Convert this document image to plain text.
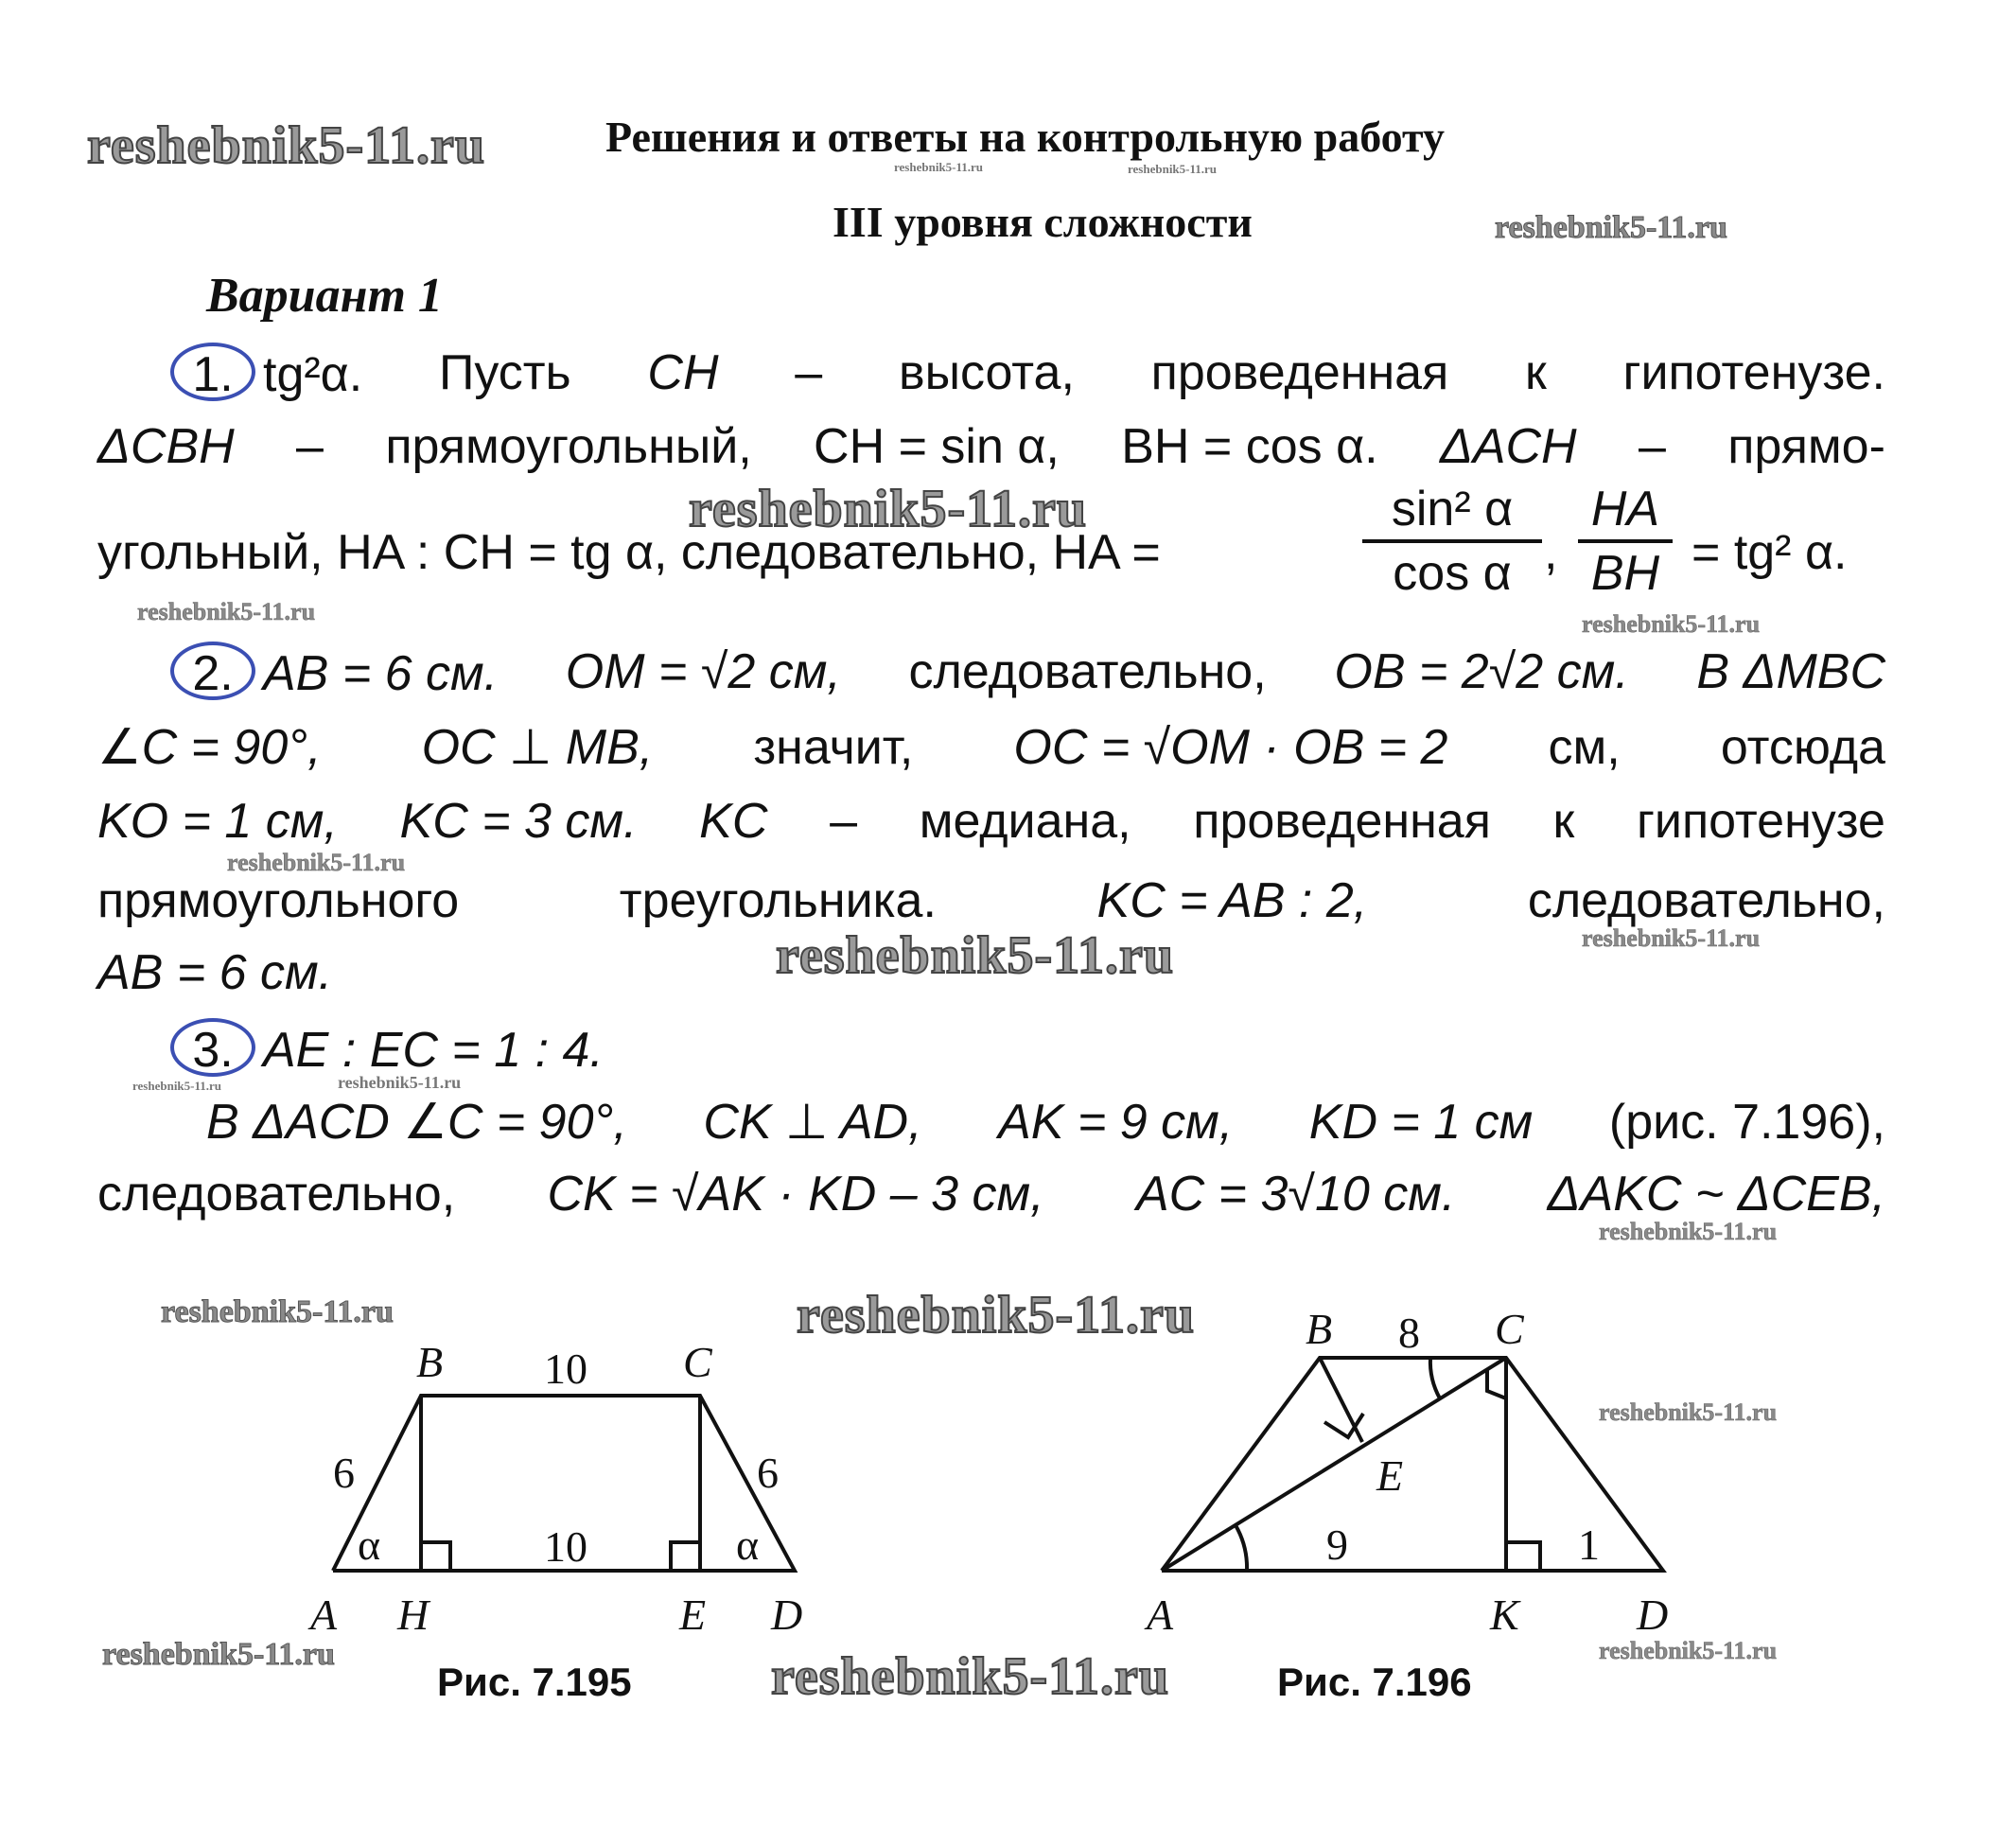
reshebnik5-11.ru	Решения и ответы на контрольную работу
reshebnik5-11.ru	reshebnik5-11.ru
III уровня сложности	reshebnik5-11.ru
Вариант 1
1. tg²α. Пусть CH – высота, проведенная к гипотенузе.
ΔCBH – прямоугольный, CH = sin α, BH = cos α. ΔACH – прямо-
reshebnik5-11.ru
угольный, HA : CH = tg α, следовательно, HA =
sin² α
cos α ,
HA
BH = tg² α.
reshebnik5-11.ru	reshebnik5-11.ru
2. AB = 6 см. OM = √2 см, следовательно, OB = 2√2 см. В ΔMBC
∠C = 90°, OC ⊥ MB, значит, OC = √OM · OB = 2 см, отсюда
KO = 1 см, KC = 3 см. KC – медиана, проведенная к гипотенузе
reshebnik5-11.ru
прямоугольного	треугольника.	KC = AB : 2,	следовательно,
reshebnik5-11.ru
reshebnik5-11.ru
AB = 6 см.
3. AE : EC = 1 : 4.
reshebnik5-11.ru	reshebnik5-11.ru
В ΔACD ∠C = 90°, CK ⊥ AD, AK = 9 см, KD = 1 см (рис. 7.196),
следовательно, CK = √AK · KD – 3 см, AC = 3√10 см. ΔAKC ~ ΔCEB,
reshebnik5-11.ru
reshebnik5-11.ru	reshebnik5-11.ru
reshebnik5-11.ru
reshebnik5-11.ru	reshebnik5-11.ru	reshebnik5-11.ru
A H	E D
B	C
10
10
6	6
α	α
Рис. 7.195
A
B	C
D
E
K
8
9	1
Рис. 7.196
